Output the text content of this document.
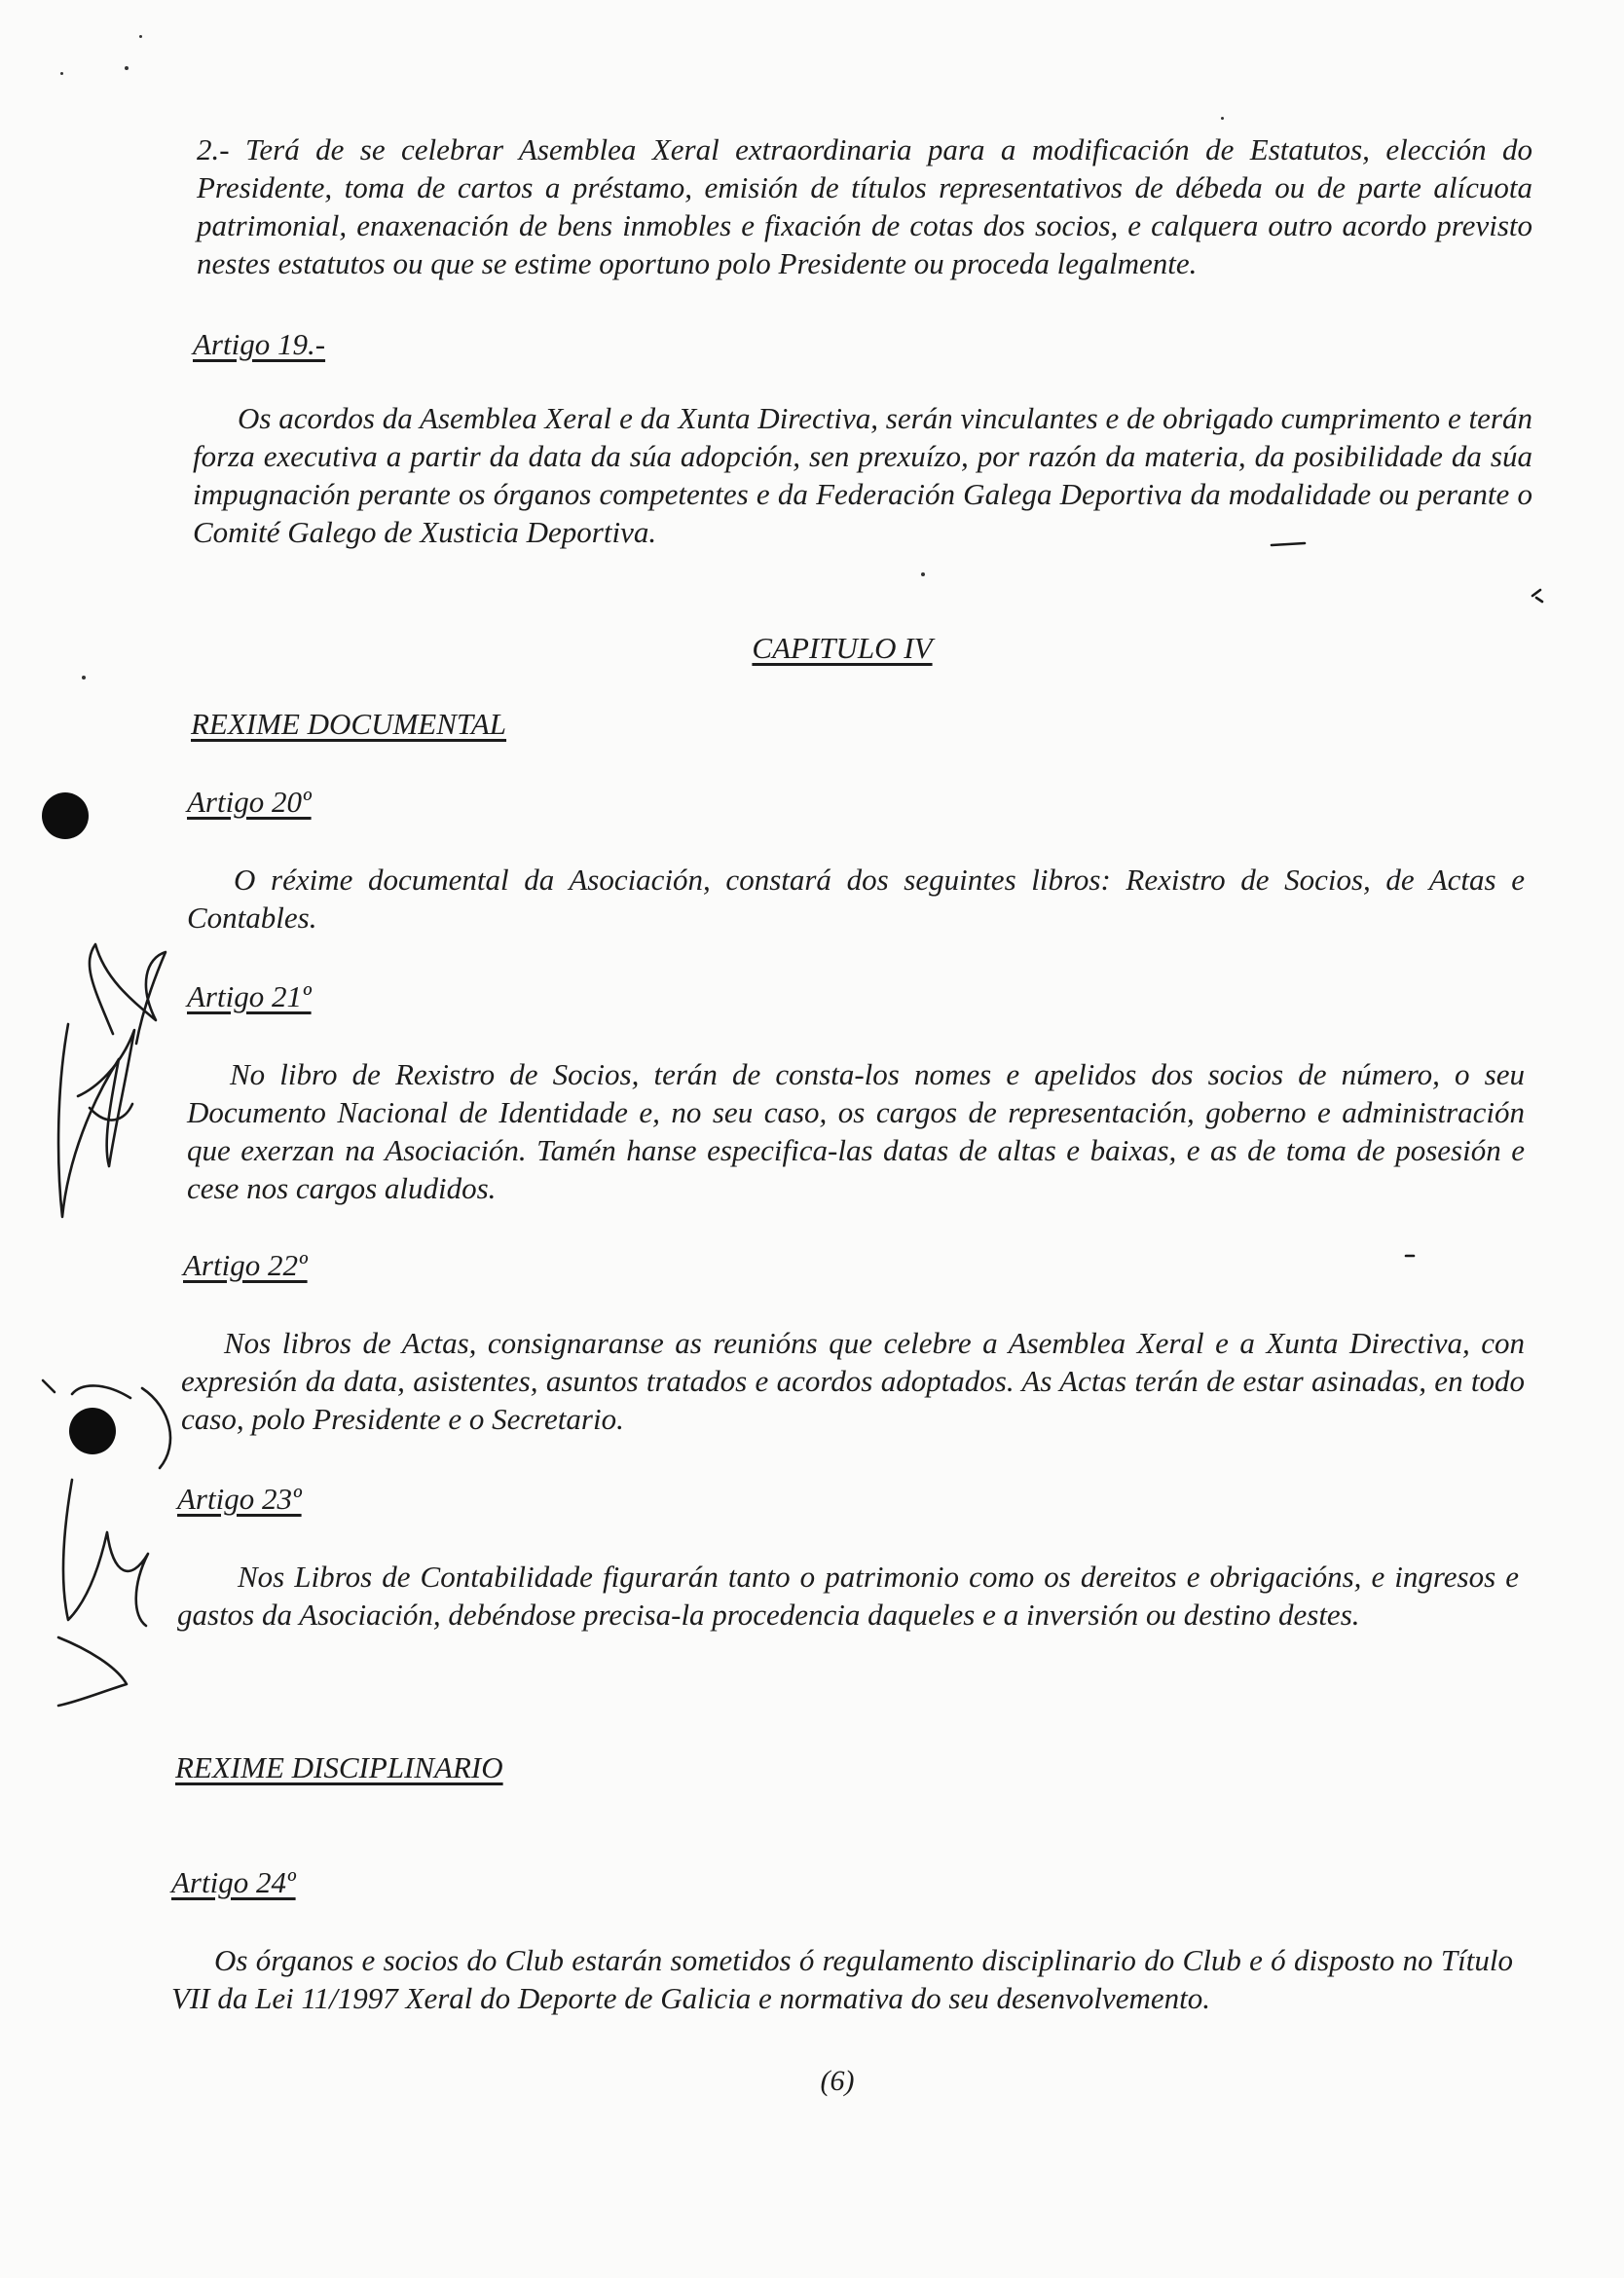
2.- Terá de se celebrar Asemblea Xeral extraordinaria para a modificación de Estatutos, elección do Presidente, toma de cartos a préstamo, emisión de títulos representativos de débeda ou de parte alícuota patrimonial, enaxenación de bens inmobles e fixación de cotas dos socios, e calquera outro acordo previsto nestes estatutos ou que se estime oportuno polo Presidente ou proceda legalmente.
Artigo 19.-
Os acordos da Asemblea Xeral e da Xunta Directiva, serán vinculantes e de obrigado cumprimento e terán forza executiva a partir da data da súa adopción, sen prexuízo, por razón da materia, da posibilidade da súa impugnación perante os órganos competentes e da Federación Galega Deportiva da modalidade ou perante o Comité Galego de Xusticia Deportiva.
CAPITULO IV
REXIME DOCUMENTAL
Artigo 20º
O réxime documental da Asociación, constará dos seguintes libros: Rexistro de Socios, de Actas e Contables.
Artigo 21º
No libro de Rexistro de Socios, terán de consta-los nomes e apelidos dos socios de número, o seu Documento Nacional de Identidade e, no seu caso, os cargos de representación, goberno e administración que exerzan na Asociación. Tamén hanse especifica-las datas de altas e baixas, e as de toma de posesión e cese nos cargos aludidos.
Artigo 22º
Nos libros de Actas, consignaranse as reunións que celebre a Asemblea Xeral e a Xunta Directiva, con expresión da data, asistentes, asuntos tratados e acordos adoptados. As Actas terán de estar asinadas, en todo caso, polo Presidente e o Secretario.
Artigo 23º
Nos Libros de Contabilidade figurarán tanto o patrimonio como os dereitos e obrigacións, e ingresos e gastos da Asociación, debéndose precisa-la procedencia daqueles e a inversión ou destino destes.
REXIME DISCIPLINARIO
Artigo 24º
Os órganos e socios do Club estarán sometidos ó regulamento disciplinario do Club e ó disposto no Título VII da Lei 11/1997 Xeral do Deporte de Galicia e normativa do seu desenvolvemento.
(6)
